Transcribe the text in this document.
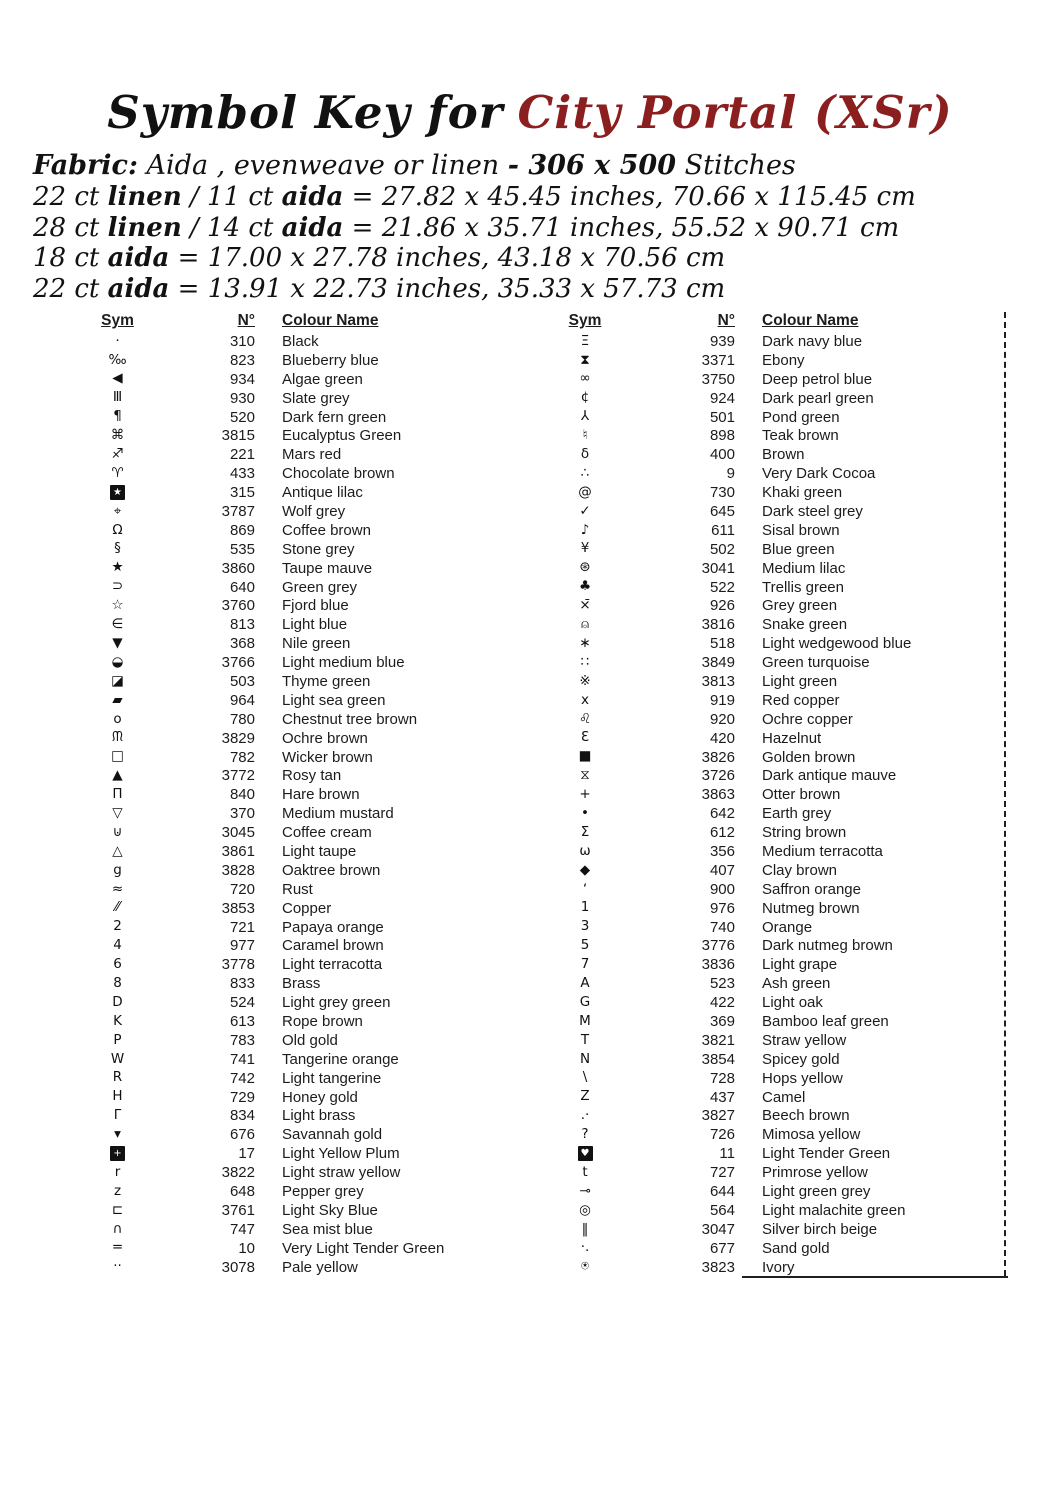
Symbol Key for City Portal (XSr)
Fabric: Aida , evenweave or linen - 306 x 500 Stitches
22 ct linen / 11 ct aida = 27.82 x 45.45 inches, 70.66 x 115.45 cm
28 ct linen / 14 ct aida = 21.86 x 35.71 inches, 55.52 x 90.71 cm
18 ct aida = 17.00 x 27.78 inches, 43.18 x 70.56 cm
22 ct aida = 13.91 x 22.73 inches, 35.33 x 57.73 cm
Sym	N°	Colour Name
·	310	Black
‰	823	Blueberry blue
◀	934	Algae green
Ⅲ	930	Slate grey
¶	520	Dark fern green
⌘	3815	Eucalyptus Green
♐	221	Mars red
♈	433	Chocolate brown
★	315	Antique lilac
⌖	3787	Wolf grey
Ω	869	Coffee brown
§	535	Stone grey
★	3860	Taupe mauve
⊃	640	Green grey
☆	3760	Fjord blue
∈	813	Light blue
▼	368	Nile green
◒	3766	Light medium blue
◪	503	Thyme green
▰	964	Light sea green
o	780	Chestnut tree brown
ᙏ	3829	Ochre brown
□	782	Wicker brown
▲	3772	Rosy tan
Π	840	Hare brown
▽	370	Medium mustard
⊍	3045	Coffee cream
△	3861	Light taupe
g	3828	Oaktree brown
≈	720	Rust
⁄⁄	3853	Copper
2	721	Papaya orange
4	977	Caramel brown
6	3778	Light terracotta
8	833	Brass
D	524	Light grey green
K	613	Rope brown
P	783	Old gold
W	741	Tangerine orange
R	742	Light tangerine
H	729	Honey gold
Γ	834	Light brass
▾	676	Savannah gold
+	17	Light Yellow Plum
r	3822	Light straw yellow
z	648	Pepper grey
⊏	3761	Light Sky Blue
∩	747	Sea mist blue
=	10	Very Light Tender Green
··	3078	Pale yellow
Sym	N°	Colour Name
Ξ	939	Dark navy blue
⧗	3371	Ebony
∞	3750	Deep petrol blue
¢	924	Dark pearl green
⅄	501	Pond green
♮	898	Teak brown
δ	400	Brown
∴	9	Very Dark Cocoa
@	730	Khaki green
✓	645	Dark steel grey
♪	611	Sisal brown
¥	502	Blue green
⊛	3041	Medium lilac
♣	522	Trellis green
×̄	926	Grey green
⍝	3816	Snake green
∗	518	Light wedgewood blue
∷	3849	Green turquoise
※	3813	Light green
x	919	Red copper
♌	920	Ochre copper
Ɛ	420	Hazelnut
■	3826	Golden brown
⧖	3726	Dark antique mauve
+	3863	Otter brown
•	642	Earth grey
Σ	612	String brown
ω	356	Medium terracotta
◆	407	Clay brown
ʻ	900	Saffron orange
1	976	Nutmeg brown
3	740	Orange
5	3776	Dark nutmeg brown
7	3836	Light grape
A	523	Ash green
G	422	Light oak
M	369	Bamboo leaf green
T	3821	Straw yellow
N	3854	Spicey gold
\	728	Hops yellow
Z	437	Camel
.·	3827	Beech brown
?	726	Mimosa yellow
♥	11	Light Tender Green
t	727	Primrose yellow
⊸	644	Light green grey
◎	564	Light malachite green
‖	3047	Silver birch beige
·.	677	Sand gold
⍟	3823	Ivory
